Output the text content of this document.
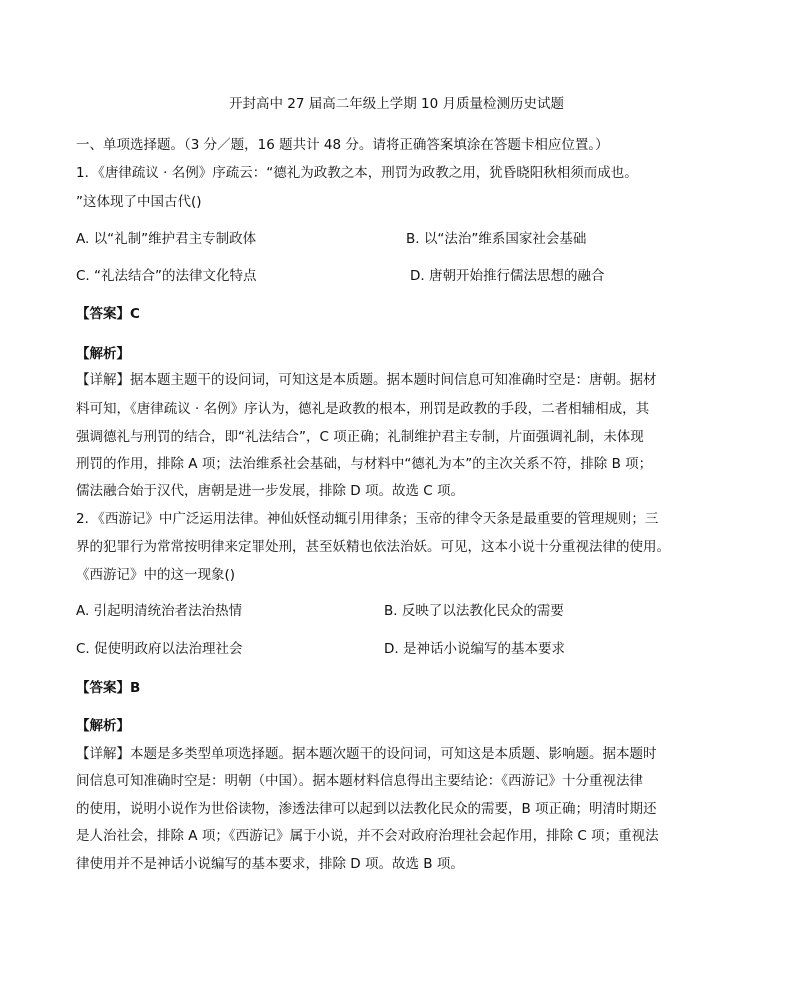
开封高中 27 届高二年级上学期 10 月质量检测历史试题
一、单项选择题。（3 分／题，16 题共计 48 分。请将正确答案填涂在答题卡相应位置。）
1．《唐律疏议 · 名例》序疏云：“德礼为政教之本，刑罚为政教之用，犹昏晓阳秋相须而成也。
”这体现了中国古代()
A. 以“礼制”维护君主专制政体	B. 以“法治”维系国家社会基础
C. “礼法结合”的法律文化特点	D. 唐朝开始推行儒法思想的融合
【答案】C
【解析】
【详解】据本题主题干的设问词，可知这是本质题。据本题时间信息可知准确时空是：唐朝。据材
料可知，《唐律疏议 · 名例》序认为，德礼是政教的根本，刑罚是政教的手段，二者相辅相成，其
强调德礼与刑罚的结合，即“礼法结合”，C 项正确；礼制维护君主专制，片面强调礼制，未体现
刑罚的作用，排除 A 项；法治维系社会基础，与材料中“德礼为本”的主次关系不符，排除 B 项；
儒法融合始于汉代，唐朝是进一步发展，排除 D 项。故选 C 项。
2．《西游记》中广泛运用法律。神仙妖怪动辄引用律条；玉帝的律令天条是最重要的管理规则；三
界的犯罪行为常常按明律来定罪处刑，甚至妖精也依法治妖。可见，这本小说十分重视法律的使用。
《西游记》中的这一现象()
A. 引起明清统治者法治热情	B. 反映了以法教化民众的需要
C. 促使明政府以法治理社会	D. 是神话小说编写的基本要求
【答案】B
【解析】
【详解】本题是多类型单项选择题。据本题次题干的设问词，可知这是本质题、影响题。据本题时
间信息可知准确时空是：明朝（中国）。据本题材料信息得出主要结论：《西游记》十分重视法律
的使用，说明小说作为世俗读物，渗透法律可以起到以法教化民众的需要，B 项正确；明清时期还
是人治社会，排除 A 项；《西游记》属于小说，并不会对政府治理社会起作用，排除 C 项；重视法
律使用并不是神话小说编写的基本要求，排除 D 项。故选 B 项。
